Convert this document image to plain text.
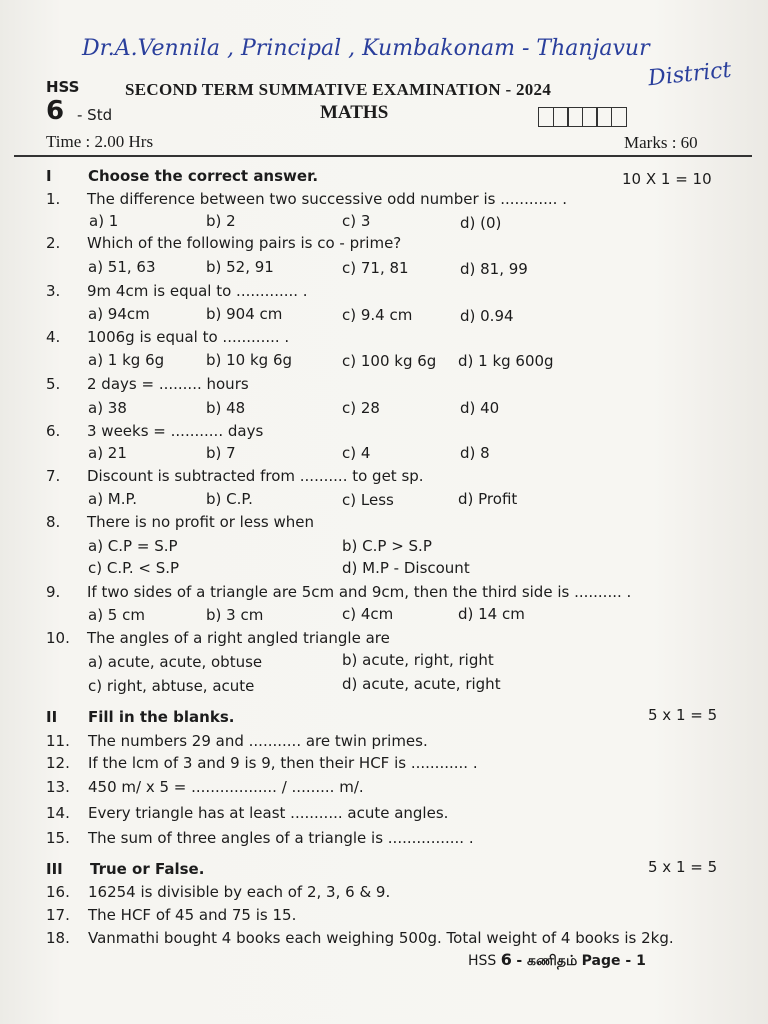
Dr.A.Vennila , Principal , Kumbakonam - Thanjavur
District
HSS	SECOND TERM SUMMATIVE EXAMINATION - 2024
6 - Std	MATHS
Time : 2.00 Hrs	Marks : 60
I Choose the correct answer.	10 X 1 = 10
1. The difference between two successive odd number is ............ .
a) 1	b) 2	c) 3	d) (0)
2. Which of the following pairs is co - prime?
a) 51, 63	b) 52, 91	c) 71, 81	d) 81, 99
3. 9m 4cm is equal to ............. .
a) 94cm	b) 904 cm	c) 9.4 cm	d) 0.94
4. 1006g is equal to ............ .
a) 1 kg 6g	b) 10 kg 6g	c) 100 kg 6g d) 1 kg 600g
5. 2 days = ......... hours
a) 38	b) 48	c) 28	d) 40
6. 3 weeks = ........... days
a) 21	b) 7	c) 4	d) 8
7. Discount is subtracted from .......... to get sp.
a) M.P.	b) C.P.	c) Less	d) Profit
8. There is no profit or less when
a) C.P = S.P	b) C.P > S.P
c) C.P. < S.P	d) M.P - Discount
9. If two sides of a triangle are 5cm and 9cm, then the third side is .......... .
a) 5 cm	b) 3 cm	c) 4cm	d) 14 cm
10. The angles of a right angled triangle are
a) acute, acute, obtuse	b) acute, right, right
c) right, abtuse, acute	d) acute, acute, right
II Fill in the blanks.	5 x 1 = 5
11. The numbers 29 and ........... are twin primes.
12. If the lcm of 3 and 9 is 9, then their HCF is ............ .
13. 450 m/ x 5 = .................. / ......... m/.
14. Every triangle has at least ........... acute angles.
15. The sum of three angles of a triangle is ................ .
III True or False.	5 x 1 = 5
16. 16254 is divisible by each of 2, 3, 6 & 9.
17. The HCF of 45 and 75 is 15.
18. Vanmathi bought 4 books each weighing 500g. Total weight of 4 books is 2kg.
HSS 6 - கணிதம் Page - 1
